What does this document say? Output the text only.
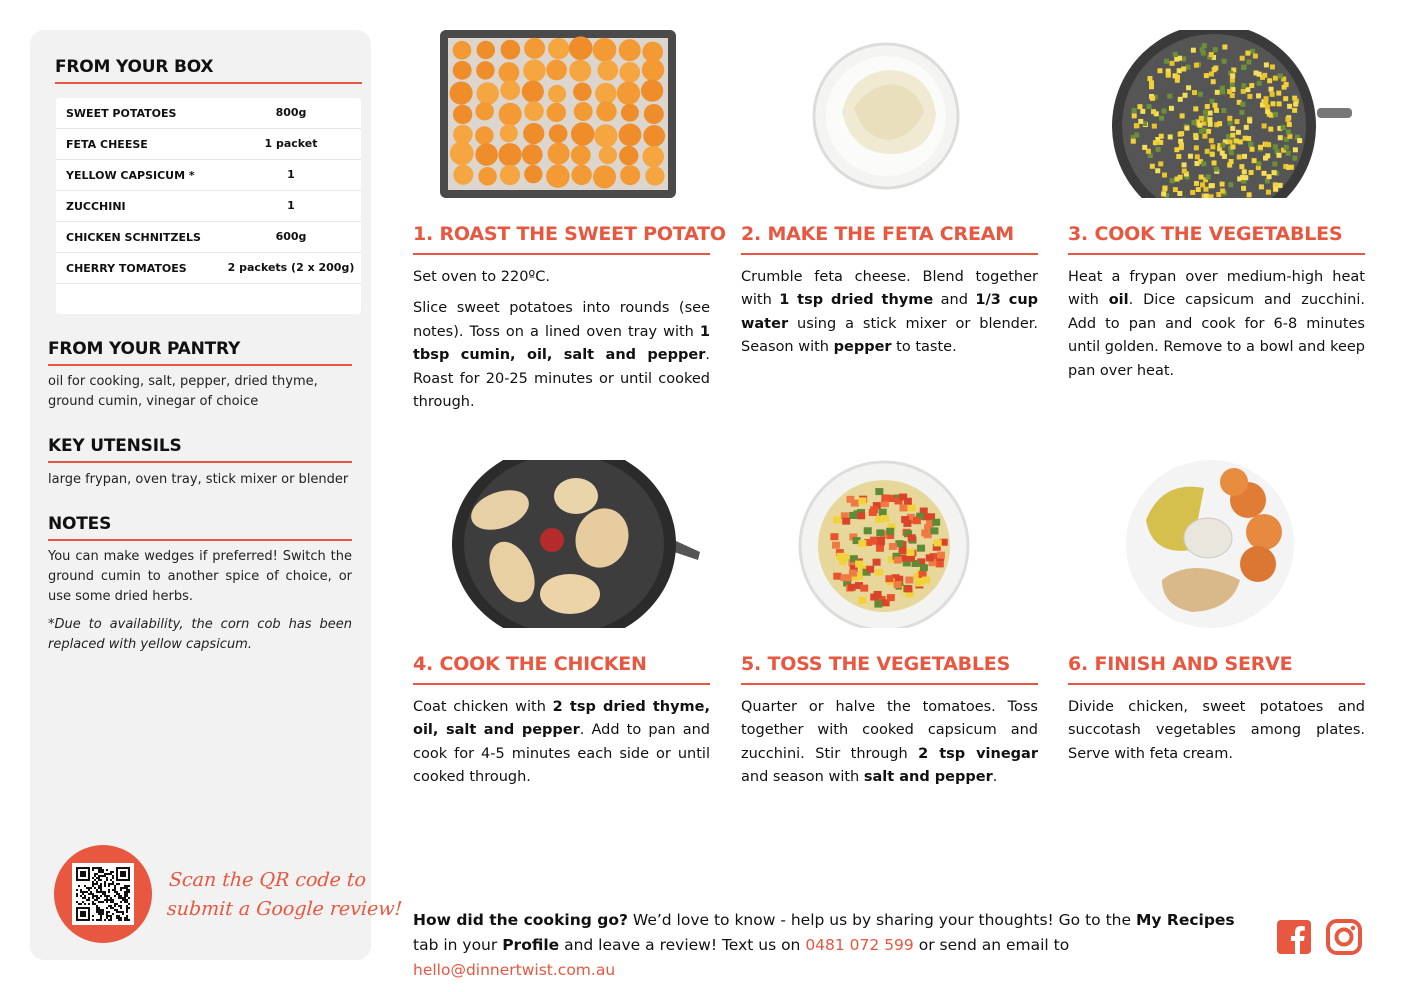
FROM YOUR BOX
SWEET POTATOES	800g
FETA CHEESE	1 packet
YELLOW CAPSICUM *	1
ZUCCHINI	1
CHICKEN SCHNITZELS	600g
CHERRY TOMATOES	2 packets (2 x 200g)
FROM YOUR PANTRY
oil for cooking, salt, pepper, dried thyme, ground cumin, vinegar of choice
KEY UTENSILS
large frypan, oven tray, stick mixer or blender
NOTES
You can make wedges if preferred! Switch the ground cumin to another spice of choice, or use some dried herbs.
*Due to availability, the corn cob has been replaced with yellow capsicum.
Scan the QR code to
submit a Google review!
1. ROAST THE SWEET POTATO

Set oven to 220ºC.

Slice sweet potatoes into rounds (see notes). Toss on a lined oven tray with 1 tbsp cumin, oil, salt and pepper. Roast for 20-25 minutes or until cooked through.

2. MAKE THE FETA CREAM

Crumble feta cheese. Blend together with 1 tsp dried thyme and 1/3 cup water using a stick mixer or blender. Season with pepper to taste.

3. COOK THE VEGETABLES

Heat a frypan over medium-high heat with oil. Dice capsicum and zucchini. Add to pan and cook for 6-8 minutes until golden. Remove to a bowl and keep pan over heat.

4. COOK THE CHICKEN

Coat chicken with 2 tsp dried thyme, oil, salt and pepper. Add to pan and cook for 4-5 minutes each side or until cooked through.

5. TOSS THE VEGETABLES

Quarter or halve the tomatoes. Toss together with cooked capsicum and zucchini. Stir through 2 tsp vinegar and season with salt and pepper.

6. FINISH AND SERVE

Divide chicken, sweet potatoes and succotash vegetables among plates. Serve with feta cream.

How did the cooking go? We’d love to know - help us by sharing your thoughts! Go to the My Recipes tab in your Profile and leave a review! Text us on 0481 072 599 or send an email to hello@dinnertwist.com.au
